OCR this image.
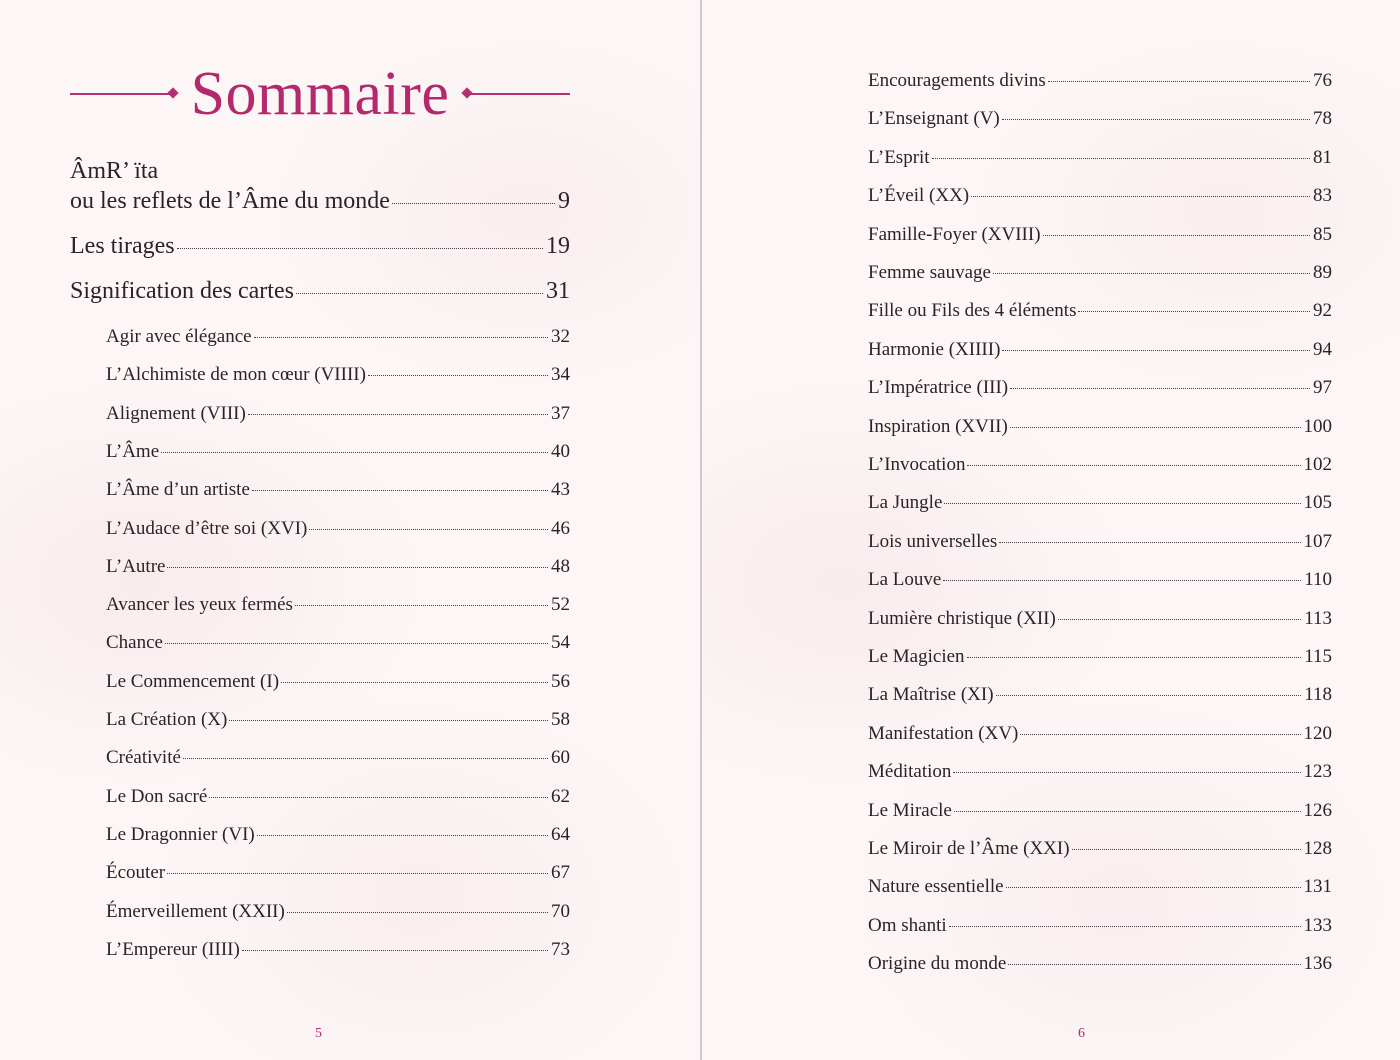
Sommaire
ÂmR’ ïta
ou les reflets de l’Âme du monde	9
Les tirages	19
Signification des cartes	31
Agir avec élégance	32
L’Alchimiste de mon cœur (VIIII)	34
Alignement (VIII)	37
L’Âme	40
L’Âme d’un artiste	43
L’Audace d’être soi (XVI)	46
L’Autre	48
Avancer les yeux fermés	52
Chance	54
Le Commencement (I)	56
La Création (X)	58
Créativité	60
Le Don sacré	62
Le Dragonnier (VI)	64
Écouter	67
Émerveillement (XXII)	70
L’Empereur (IIII)	73
5	6
Encouragements divins	76
L’Enseignant (V)	78
L’Esprit	81
L’Éveil (XX)	83
Famille-Foyer (XVIII)	85
Femme sauvage	89
Fille ou Fils des 4 éléments	92
Harmonie (XIIII)	94
L’Impératrice (III)	97
Inspiration (XVII)	100
L’Invocation	102
La Jungle	105
Lois universelles	107
La Louve	110
Lumière christique (XII)	113
Le Magicien	115
La Maîtrise (XI)	118
Manifestation (XV)	120
Méditation	123
Le Miracle	126
Le Miroir de l’Âme (XXI)	128
Nature essentielle	131
Om shanti	133
Origine du monde	136
